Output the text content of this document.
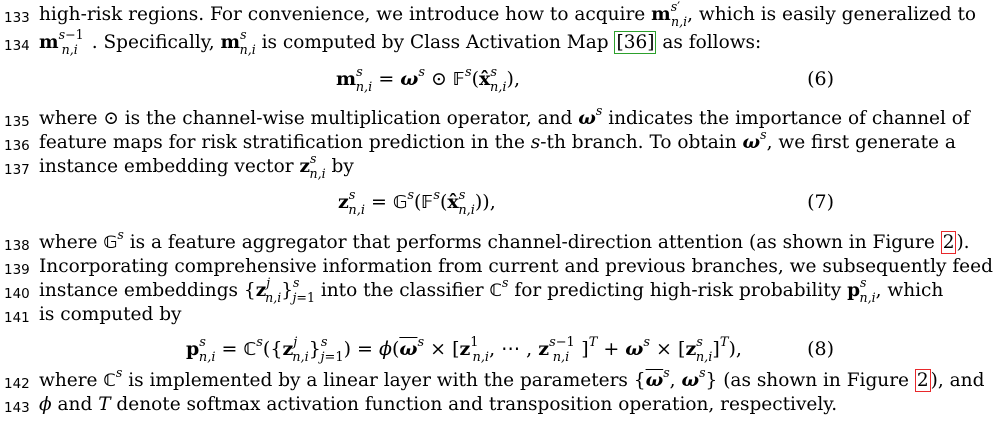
133 high-risk regions. For convenience, we introduce how to acquire $m^{s'}_{n,i}$, which is easily generalized to
134 $m^{s-1}_{n,i}$ . Specifically, $m^s_{n,i}$ is computed by Class Activation Map [36] as follows:
$m^s_{n,i} = \omega^s$ ⊙ 𝔽$^s$(x̂$^s_{n,i}$),	(6)
135 where ⊙ is the channel-wise multiplication operator, and $\omega^s$ indicates the importance of channel of
136 feature maps for risk stratification prediction in the s-th branch. To obtain $\omega^s$, we first generate a
137 instance embedding vector $z^s_{n,i}$ by
$z^s_{n,i}$ = 𝔾$^s$(𝔽$^s$(x̂$^s_{n,i}$)),	(7)
138 where 𝔾$^s$ is a feature aggregator that performs channel-direction attention (as shown in Figure 2 ).
139 Incorporating comprehensive information from current and previous branches, we subsequently feed
140 instance embeddings $\{z^j_{n,i}\}^s_{j=1}$ into the classifier ℂ$^s$ for predicting high-risk probability $p^s_{n,i}$, which
141 is computed by
$p^s_{n,i}$ = $ℂ^s(\{z^j_{n,i}\}^s_{j=1}) = \phi(\overline{\omega}^s \times [z^1_{n,i}$, ⋯ , $z^{s-1}_{n,i}$ ]$^T + \omega^s \times [z^s_{n,i}]^T$),	(8)
142 where ℂ$^s$ is implemented by a linear layer with the parameters {$\overline{\omega}^s$, $\omega^s$} (as shown in Figure 2 ), and
143 ϕ and T denote softmax activation function and transposition operation, respectively.
